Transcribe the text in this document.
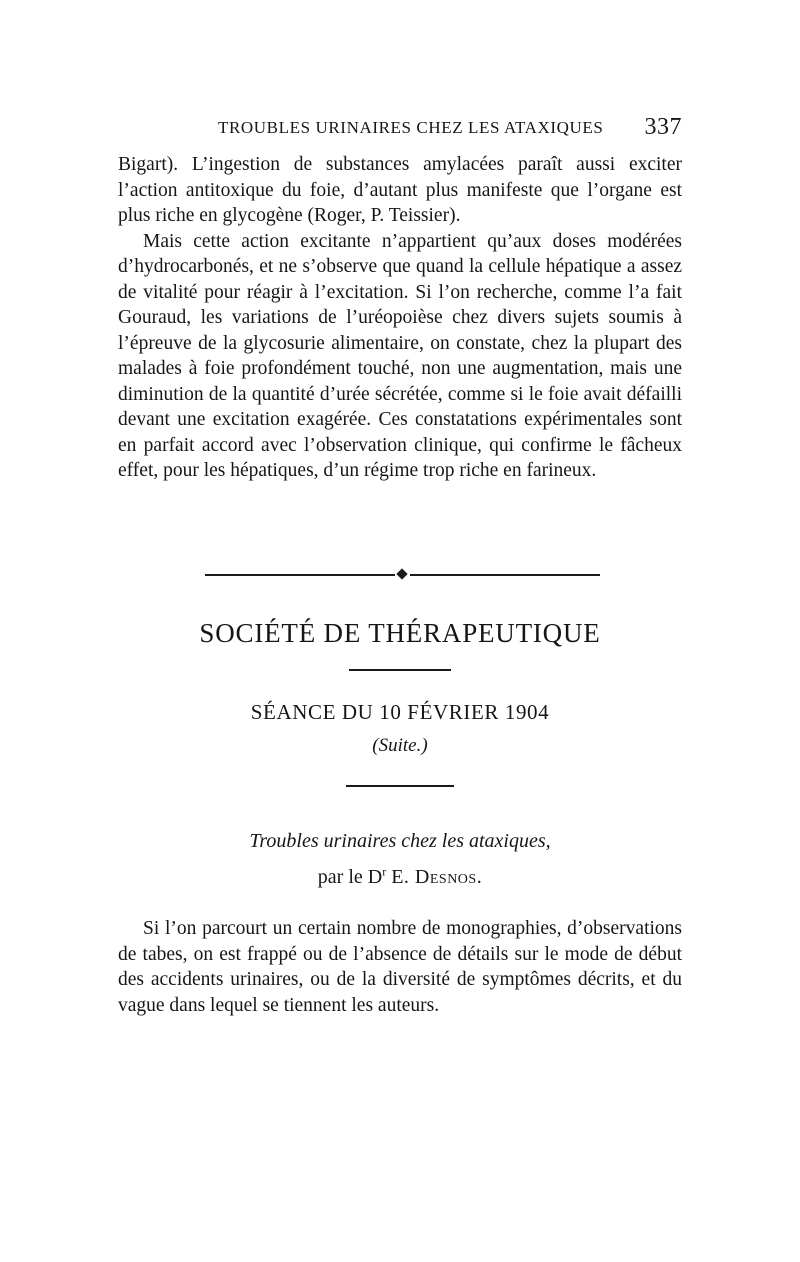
TROUBLES URINAIRES CHEZ LES ATAXIQUES 337

Bigart). L’ingestion de substances amylacées paraît aussi exciter l’action antitoxique du foie, d’autant plus manifeste que l’organe est plus riche en glycogène (Roger, P. Teissier).

Mais cette action excitante n’appartient qu’aux doses modérées d’hydrocarbonés, et ne s’observe que quand la cellule hépatique a assez de vitalité pour réagir à l’excitation. Si l’on recherche, comme l’a fait Gouraud, les variations de l’uréopoièse chez divers sujets soumis à l’épreuve de la glycosurie alimentaire, on constate, chez la plupart des malades à foie profondément touché, non une augmentation, mais une diminution de la quantité d’urée sécrétée, comme si le foie avait défailli devant une excitation exagérée. Ces constatations expérimentales sont en parfait accord avec l’observation clinique, qui confirme le fâcheux effet, pour les hépatiques, d’un régime trop riche en farineux.

SOCIÉTÉ DE THÉRAPEUTIQUE
SÉANCE DU 10 FÉVRIER 1904
(Suite.)
Troubles urinaires chez les ataxiques,
par le $D^r$ E. Desnos.

Si l’on parcourt un certain nombre de monographies, d’observations de tabes, on est frappé ou de l’absence de détails sur le mode de début des accidents urinaires, ou de la diversité de symptômes décrits, et du vague dans lequel se tiennent les auteurs.
